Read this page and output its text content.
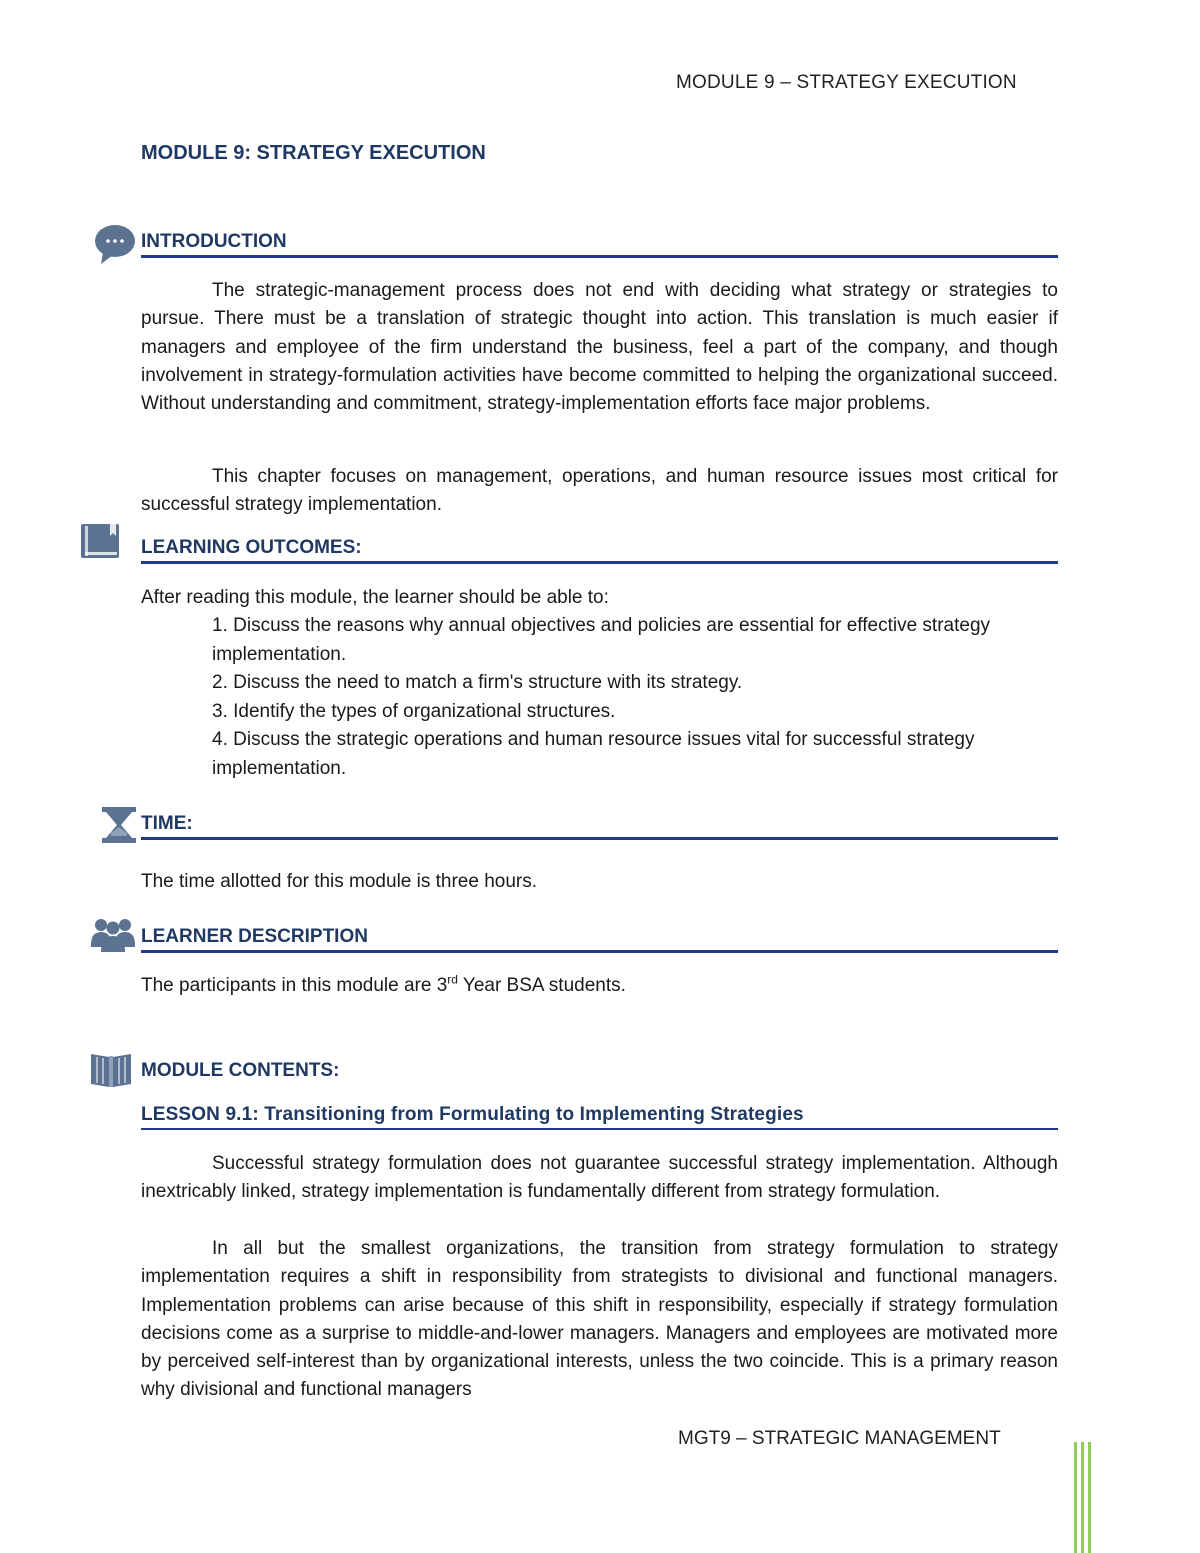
MODULE 9 – STRATEGY EXECUTION
MODULE 9: STRATEGY EXECUTION
INTRODUCTION
The strategic-management process does not end with deciding what strategy or strategies to pursue. There must be a translation of strategic thought into action. This translation is much easier if managers and employee of the firm understand the business, feel a part of the company, and though involvement in strategy-formulation activities have become committed to helping the organizational succeed. Without understanding and commitment, strategy-implementation efforts face major problems.
This chapter focuses on management, operations, and human resource issues most critical for successful strategy implementation.
LEARNING OUTCOMES:
After reading this module, the learner should be able to:
1. Discuss the reasons why annual objectives and policies are essential for effective strategy implementation.
2. Discuss the need to match a firm's structure with its strategy.
3. Identify the types of organizational structures.
4. Discuss the strategic operations and human resource issues vital for successful strategy implementation.
TIME:
The time allotted for this module is three hours.
LEARNER DESCRIPTION
The participants in this module are 3rd Year BSA students.
MODULE CONTENTS:
LESSON 9.1: Transitioning from Formulating to Implementing Strategies
Successful strategy formulation does not guarantee successful strategy implementation. Although inextricably linked, strategy implementation is fundamentally different from strategy formulation.
In all but the smallest organizations, the transition from strategy formulation to strategy implementation requires a shift in responsibility from strategists to divisional and functional managers. Implementation problems can arise because of this shift in responsibility, especially if strategy formulation decisions come as a surprise to middle-and-lower managers. Managers and employees are motivated more by perceived self-interest than by organizational interests, unless the two coincide. This is a primary reason why divisional and functional managers
MGT9 – STRATEGIC MANAGEMENT
